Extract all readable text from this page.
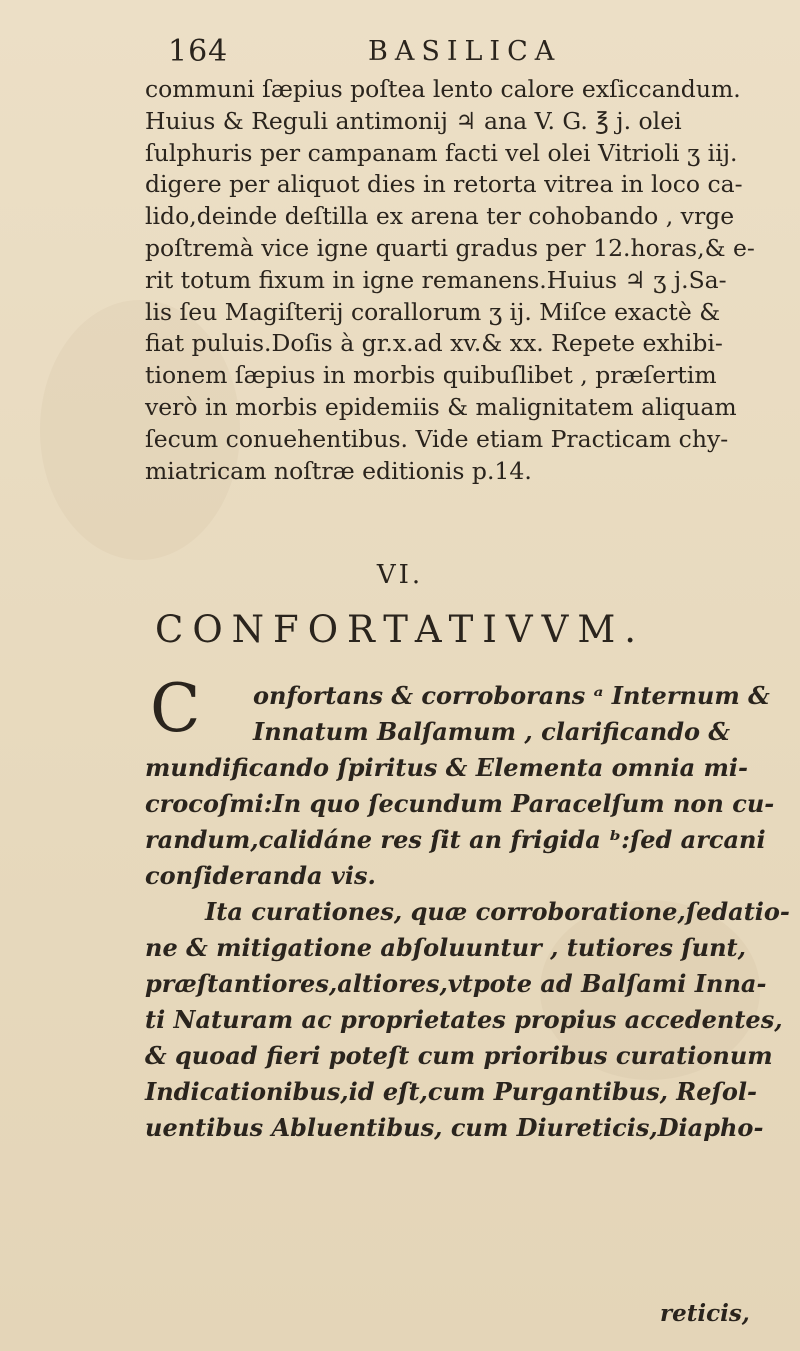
164	BASILICA
communi ſæpius poſtea lento calore exſiccandum.
Huius & Reguli antimonij ♃ ana V. G. ℥ j. olei
ſulphuris per campanam facti vel olei Vitrioli ʒ iij.
digere per aliquot dies in retorta vitrea in loco ca-
lido,deinde deſtilla ex arena ter cohobando , vrge
poſtremà vice igne quarti gradus per 12.horas,& e-
rit totum fixum in igne remanens.Huius ♃ ʒ j.Sa-
lis ſeu Magiſterij corallorum ʒ ij. Miſce exactè &
fiat puluis.Doſis à gr.x.ad xv.& xx. Repete exhibi-
tionem ſæpius in morbis quibuſlibet , præſertim
verò in morbis epidemiis & malignitatem aliquam
ſecum conuehentibus. Vide etiam Practicam chy-
miatricam noſtræ editionis p.14.
VI.
CONFORTATIVVM.
C	onfortans & corroborans ᵃ Internum &
Innatum Balſamum , clarificando &
mundificando ſpiritus & Elementa omnia mi-
crocoſmi:In quo ſecundum Paracelſum non cu-
randum,calidáne res ſit an frigida ᵇ:ſed arcani
conſideranda vis.
Ita curationes, quæ corroboratione,ſedatio-
ne & mitigatione abſoluuntur , tutiores ſunt,
præſtantiores,altiores,vtpote ad Balſami Inna-
ti Naturam ac proprietates propius accedentes,
& quoad fieri poteſt cum prioribus curationum
Indicationibus,id eſt,cum Purgantibus, Reſol-
uentibus Abluentibus, cum Diureticis,Diapho-
reticis,
